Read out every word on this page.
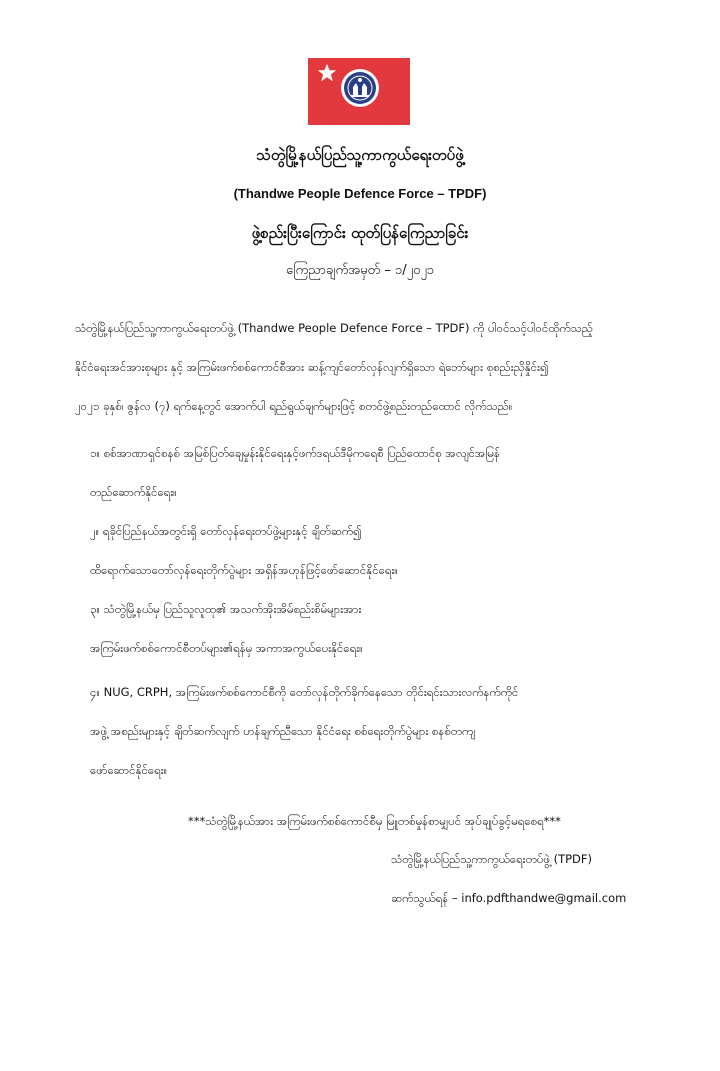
သံတွဲမြို့နယ်ပြည်သူ့ကာကွယ်ရေးတပ်ဖွဲ့
(Thandwe People Defence Force – TPDF)
ဖွဲ့စည်းပြီးကြောင်း ထုတ်ပြန်ကြေညာခြင်း
ကြေညာချက်အမှတ် – ၁/၂၀၂၁
သံတွဲမြို့နယ်ပြည်သူ့ကာကွယ်ရေးတပ်ဖွဲ့ (Thandwe People Defence Force – TPDF) ကို ပါဝင်သင့်ပါဝင်ထိုက်သည့်
နိုင်ငံရေးအင်အားစုများ နှင့် အကြမ်းဖက်စစ်ကောင်စီအား ဆန့်ကျင်တော်လှန်လျက်ရှိသော ရဲဘော်များ စုစည်းညှိနှိုင်း၍
၂၀၂၁ ခုနှစ်၊ ဇွန်လ (၇) ရက်နေ့တွင် အောက်ပါ ရည်ရွယ်ချက်များဖြင့် စတင်ဖွဲ့စည်းတည်ထောင် လိုက်သည်။
၁။ စစ်အာဏာရှင်စနစ် အမြစ်ပြတ်ချေမှုန်းနိုင်ရေးနှင့်ဖက်ဒရယ်ဒီမိုကရေစီ ပြည်ထောင်စု အလျင်အမြန်
တည်ဆောက်နိုင်ရေး။
၂။ ရခိုင်ပြည်နယ်အတွင်းရှိ တော်လှန်ရေးတပ်ဖွဲ့များနှင့် ချိတ်ဆက်၍
ထိရောက်သောတော်လှန်ရေးတိုက်ပွဲများ အရှိန်အဟုန်ဖြင့်ဖော်ဆောင်နိုင်ရေး။
၃။ သံတွဲမြို့နယ်မှ ပြည်သူလူထု၏ အသက်အိုးအိမ်စည်းစိမ်များအား
အကြမ်းဖက်စစ်ကောင်စီတပ်များ၏ရန်မှ အကာအကွယ်ပေးနိုင်ရေး။
၄။ NUG, CRPH, အကြမ်းဖက်စစ်ကောင်စီကို တော်လှန်တိုက်ခိုက်နေသော တိုင်းရင်းသားလက်နက်ကိုင်
အဖွဲ့ အစည်းများနှင့် ချိတ်ဆက်လျက် ဟန်ချက်ညီသော နိုင်ငံရေး စစ်ရေးတိုက်ပွဲများ စနစ်တကျ
ဖော်ဆောင်နိုင်ရေး။
***သံတွဲမြို့နယ်အား အကြမ်းဖက်စစ်ကောင်စီမှ မြူတစ်မှုန်စာမျှပင် အုပ်ချုပ်ခွင့်မရစေရ***
သံတွဲမြို့နယ်ပြည်သူ့ကာကွယ်ရေးတပ်ဖွဲ့ (TPDF)
ဆက်သွယ်ရန် – info.pdfthandwe@gmail.com
